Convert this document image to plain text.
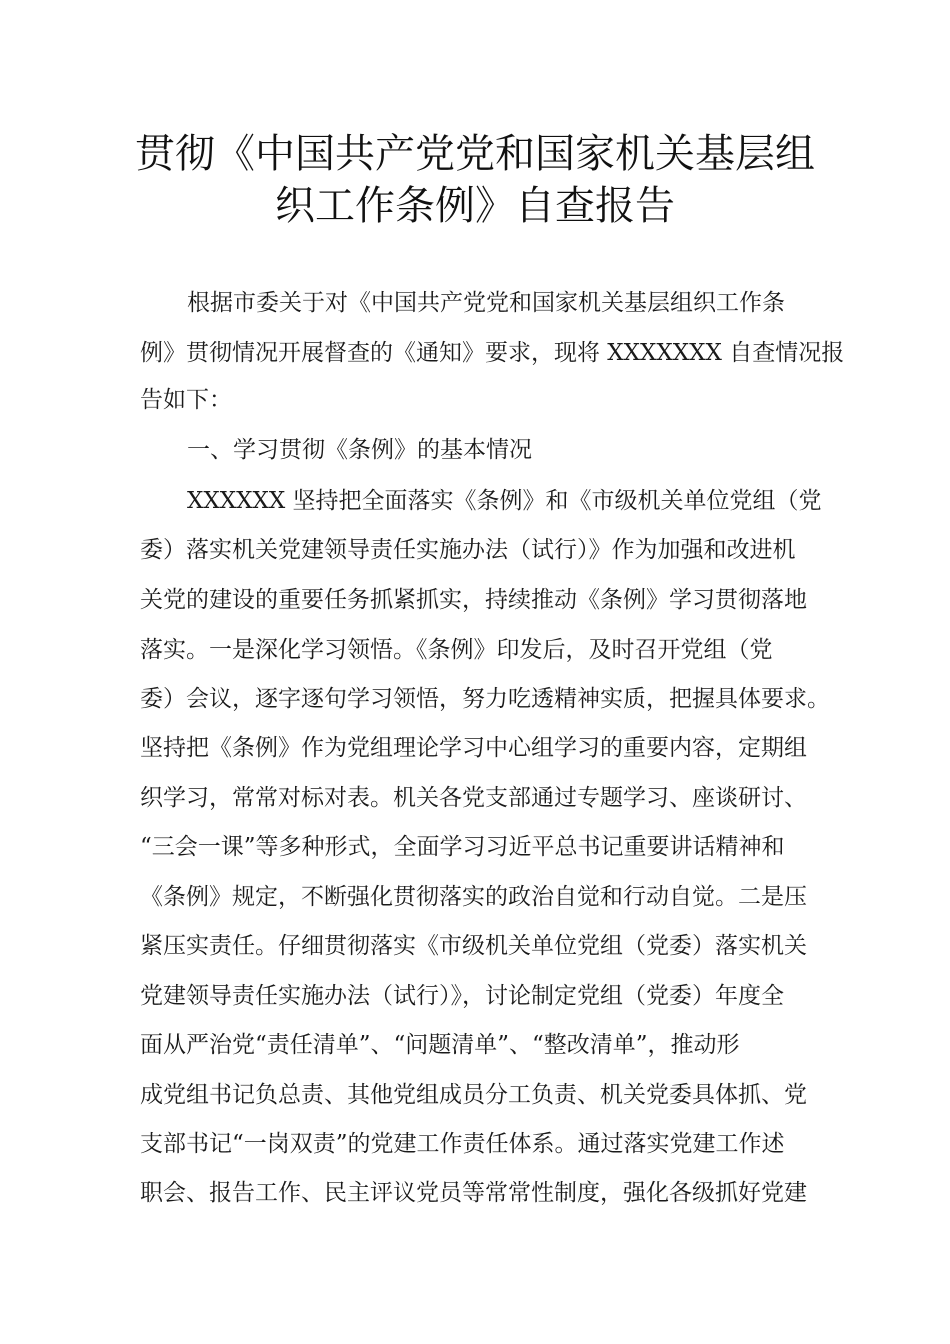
贯彻《中国共产党党和国家机关基层组
织工作条例》自查报告
根据市委关于对《中国共产党党和国家机关基层组织工作条
例》贯彻情况开展督查的《通知》要求，现将 XXXXXXX 自查情况报
告如下：
一、学习贯彻《条例》的基本情况
XXXXXX 坚持把全面落实《条例》和《市级机关单位党组（党
委）落实机关党建领导责任实施办法（试行）》作为加强和改进机
关党的建设的重要任务抓紧抓实，持续推动《条例》学习贯彻落地
落实。一是深化学习领悟。《条例》印发后，及时召开党组（党
委）会议，逐字逐句学习领悟，努力吃透精神实质，把握具体要求。
坚持把《条例》作为党组理论学习中心组学习的重要内容，定期组
织学习，常常对标对表。机关各党支部通过专题学习、座谈研讨、
“三会一课”等多种形式，全面学习习近平总书记重要讲话精神和
《条例》规定，不断强化贯彻落实的政治自觉和行动自觉。二是压
紧压实责任。仔细贯彻落实《市级机关单位党组（党委）落实机关
党建领导责任实施办法（试行）》，讨论制定党组（党委）年度全
面从严治党“责任清单”、“问题清单”、“整改清单”，推动形
成党组书记负总责、其他党组成员分工负责、机关党委具体抓、党
支部书记“一岗双责”的党建工作责任体系。通过落实党建工作述
职会、报告工作、民主评议党员等常常性制度，强化各级抓好党建
